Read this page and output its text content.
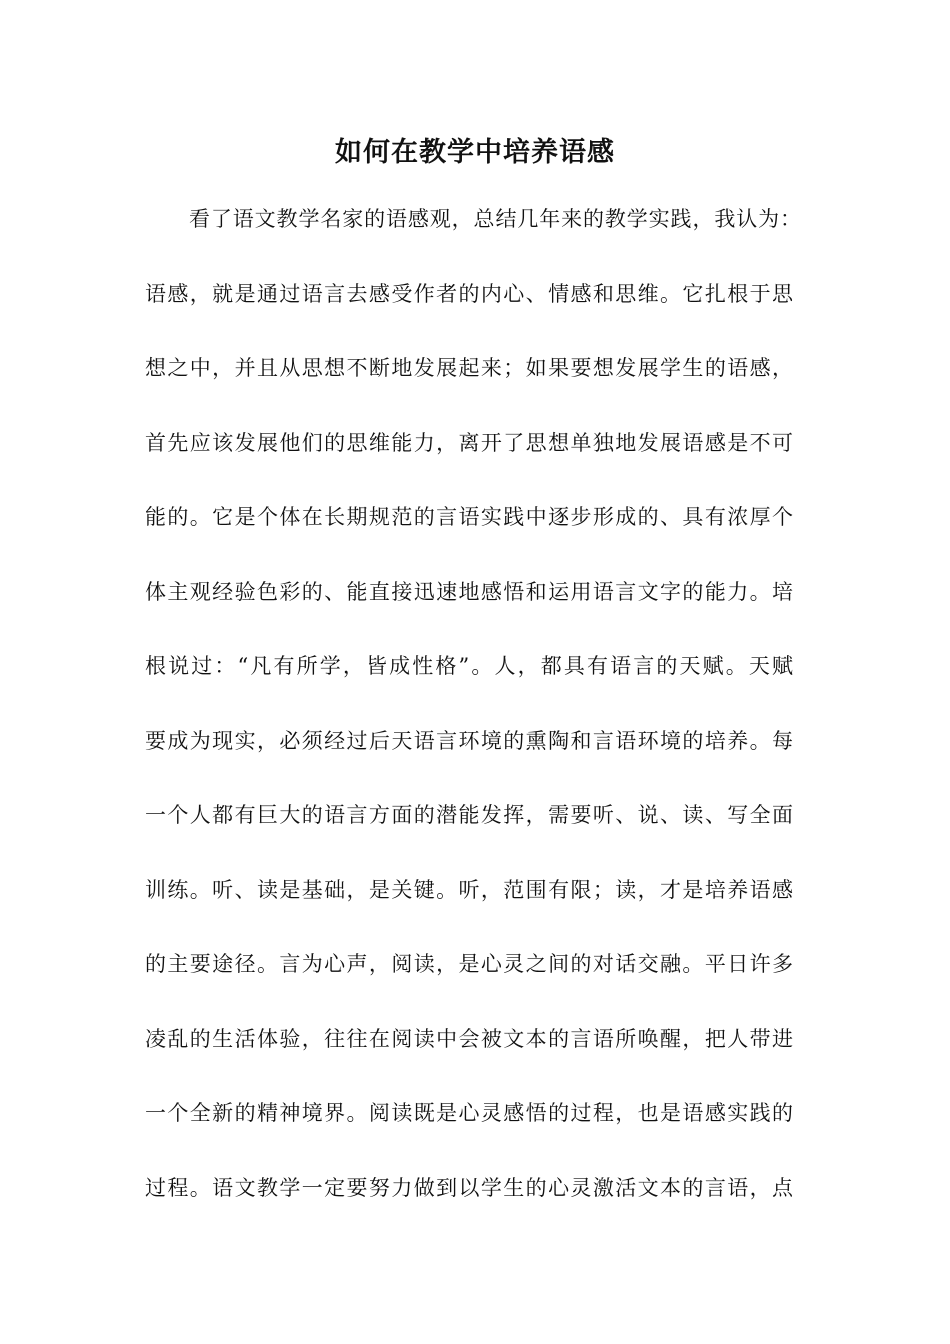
如何在教学中培养语感
看了语文教学名家的语感观，总结几年来的教学实践，我认为：
语感，就是通过语言去感受作者的内心、情感和思维。它扎根于思
想之中，并且从思想不断地发展起来；如果要想发展学生的语感，
首先应该发展他们的思维能力，离开了思想单独地发展语感是不可
能的。它是个体在长期规范的言语实践中逐步形成的、具有浓厚个
体主观经验色彩的、能直接迅速地感悟和运用语言文字的能力。培
根说过：“凡有所学，皆成性格”。人，都具有语言的天赋。天赋
要成为现实，必须经过后天语言环境的熏陶和言语环境的培养。每
一个人都有巨大的语言方面的潜能发挥，需要听、说、读、写全面
训练。听、读是基础，是关键。听，范围有限；读，才是培养语感
的主要途径。言为心声，阅读，是心灵之间的对话交融。平日许多
凌乱的生活体验，往往在阅读中会被文本的言语所唤醒，把人带进
一个全新的精神境界。阅读既是心灵感悟的过程，也是语感实践的
过程。语文教学一定要努力做到以学生的心灵激活文本的言语，点
